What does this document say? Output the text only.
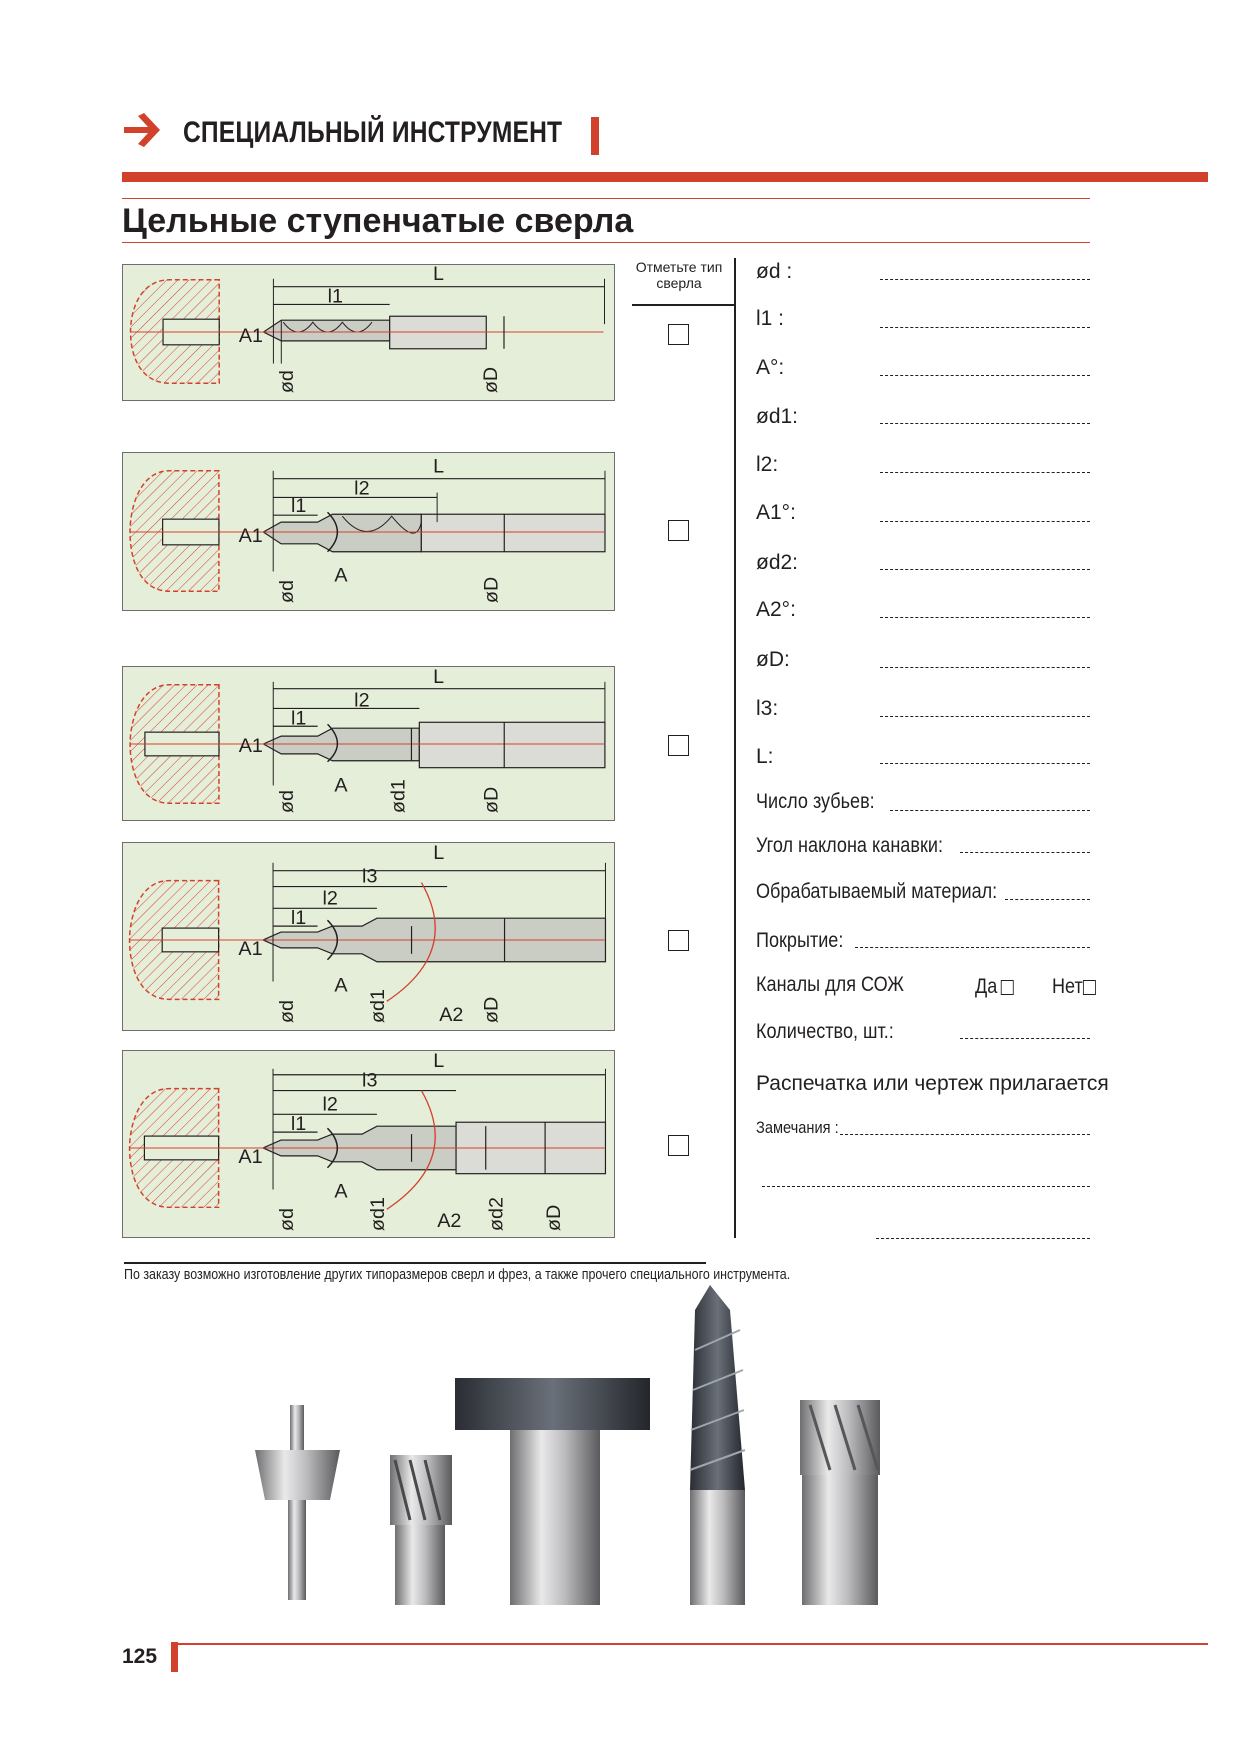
СПЕЦИАЛЬНЫЙ ИНСТРУМЕНТ
Цельные ступенчатые сверла
Отметьте тип сверла
L
l1
A1
ød	øD
L
l2
l1
A1
A
ød	øD
L
l2
l1
A1
A
ød	ød1	øD
L
l3
l2
l1
A1
A
A2
ød	ød1	øD
L
l3
l2
l1
A1
A
A2
ød	ød1	ød2 øD
ød :
l1 :
A°:
ød1:
l2:
A1°:
ød2:
A2°:
øD:
l3:
L:
Число зубьев:
Угол наклона канавки:
Обрабатываемый материал:
Покрытие:
Каналы для СОЖ	Да	Нет
Количество, шт.:
Распечатка или чертеж прилагается
Замечания :
По заказу возможно изготовление других типоразмеров сверл и фрез, а также прочего специального инструмента.
125
